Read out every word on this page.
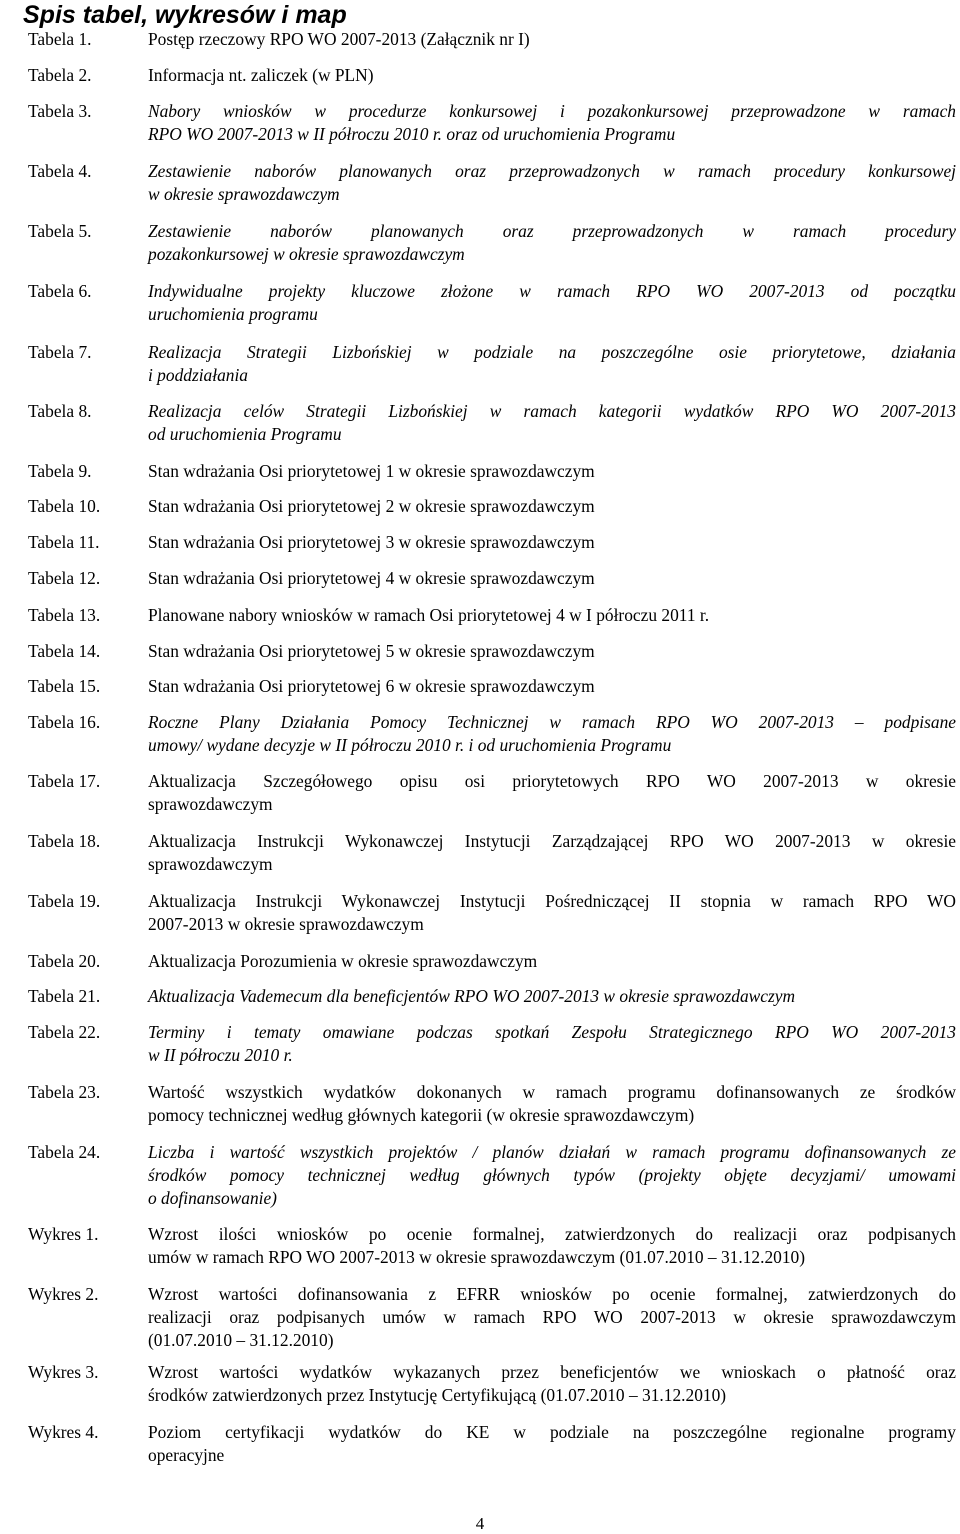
Spis tabel, wykresów i map
Tabela 1.	Postęp rzeczowy RPO WO 2007-2013 (Załącznik nr I)
Tabela 2.	Informacja nt. zaliczek (w PLN)
Tabela 3.	Nabory wniosków w procedurze konkursowej i pozakonkursowej przeprowadzone w ramach
RPO WO 2007-2013 w II półroczu 2010 r. oraz od uruchomienia Programu
Tabela 4.	Zestawienie naborów planowanych oraz przeprowadzonych w ramach procedury konkursowej
w okresie sprawozdawczym
Tabela 5.	Zestawienie naborów planowanych oraz przeprowadzonych w ramach procedury
pozakonkursowej w okresie sprawozdawczym
Tabela 6.	Indywidualne projekty kluczowe złożone w ramach RPO WO 2007-2013 od początku
uruchomienia programu
Tabela 7.	Realizacja Strategii Lizbońskiej w podziale na poszczególne osie priorytetowe, działania
i poddziałania
Tabela 8.	Realizacja celów Strategii Lizbońskiej w ramach kategorii wydatków RPO WO 2007-2013
od uruchomienia Programu
Tabela 9.	Stan wdrażania Osi priorytetowej 1 w okresie sprawozdawczym
Tabela 10.	Stan wdrażania Osi priorytetowej 2 w okresie sprawozdawczym
Tabela 11.	Stan wdrażania Osi priorytetowej 3 w okresie sprawozdawczym
Tabela 12.	Stan wdrażania Osi priorytetowej 4 w okresie sprawozdawczym
Tabela 13.	Planowane nabory wniosków w ramach Osi priorytetowej 4 w I półroczu 2011 r.
Tabela 14.	Stan wdrażania Osi priorytetowej 5 w okresie sprawozdawczym
Tabela 15.	Stan wdrażania Osi priorytetowej 6 w okresie sprawozdawczym
Tabela 16.	Roczne Plany Działania Pomocy Technicznej w ramach RPO WO 2007-2013 – podpisane
umowy/ wydane decyzje w II półroczu 2010 r. i od uruchomienia Programu
Tabela 17.	Aktualizacja Szczegółowego opisu osi priorytetowych RPO WO 2007-2013 w okresie
sprawozdawczym
Tabela 18.	Aktualizacja Instrukcji Wykonawczej Instytucji Zarządzającej RPO WO 2007-2013 w okresie
sprawozdawczym
Tabela 19.	Aktualizacja Instrukcji Wykonawczej Instytucji Pośredniczącej II stopnia w ramach RPO WO
2007-2013 w okresie sprawozdawczym
Tabela 20.	Aktualizacja Porozumienia w okresie sprawozdawczym
Tabela 21.	Aktualizacja Vademecum dla beneficjentów RPO WO 2007-2013 w okresie sprawozdawczym
Tabela 22.	Terminy i tematy omawiane podczas spotkań Zespołu Strategicznego RPO WO 2007-2013
w II półroczu 2010 r.
Tabela 23.	Wartość wszystkich wydatków dokonanych w ramach programu dofinansowanych ze środków
pomocy technicznej według głównych kategorii (w okresie sprawozdawczym)
Tabela 24.	Liczba i wartość wszystkich projektów / planów działań w ramach programu dofinansowanych ze
środków pomocy technicznej według głównych typów (projekty objęte decyzjami/ umowami
o dofinansowanie)
Wykres 1.	Wzrost ilości wniosków po ocenie formalnej, zatwierdzonych do realizacji oraz podpisanych
umów w ramach RPO WO 2007-2013 w okresie sprawozdawczym (01.07.2010 – 31.12.2010)
Wykres 2.	Wzrost wartości dofinansowania z EFRR wniosków po ocenie formalnej, zatwierdzonych do
realizacji oraz podpisanych umów w ramach RPO WO 2007-2013 w okresie sprawozdawczym
(01.07.2010 – 31.12.2010)
Wykres 3.	Wzrost wartości wydatków wykazanych przez beneficjentów we wnioskach o płatność oraz
środków zatwierdzonych przez Instytucję Certyfikującą (01.07.2010 – 31.12.2010)
Wykres 4.	Poziom certyfikacji wydatków do KE w podziale na poszczególne regionalne programy
operacyjne
4
